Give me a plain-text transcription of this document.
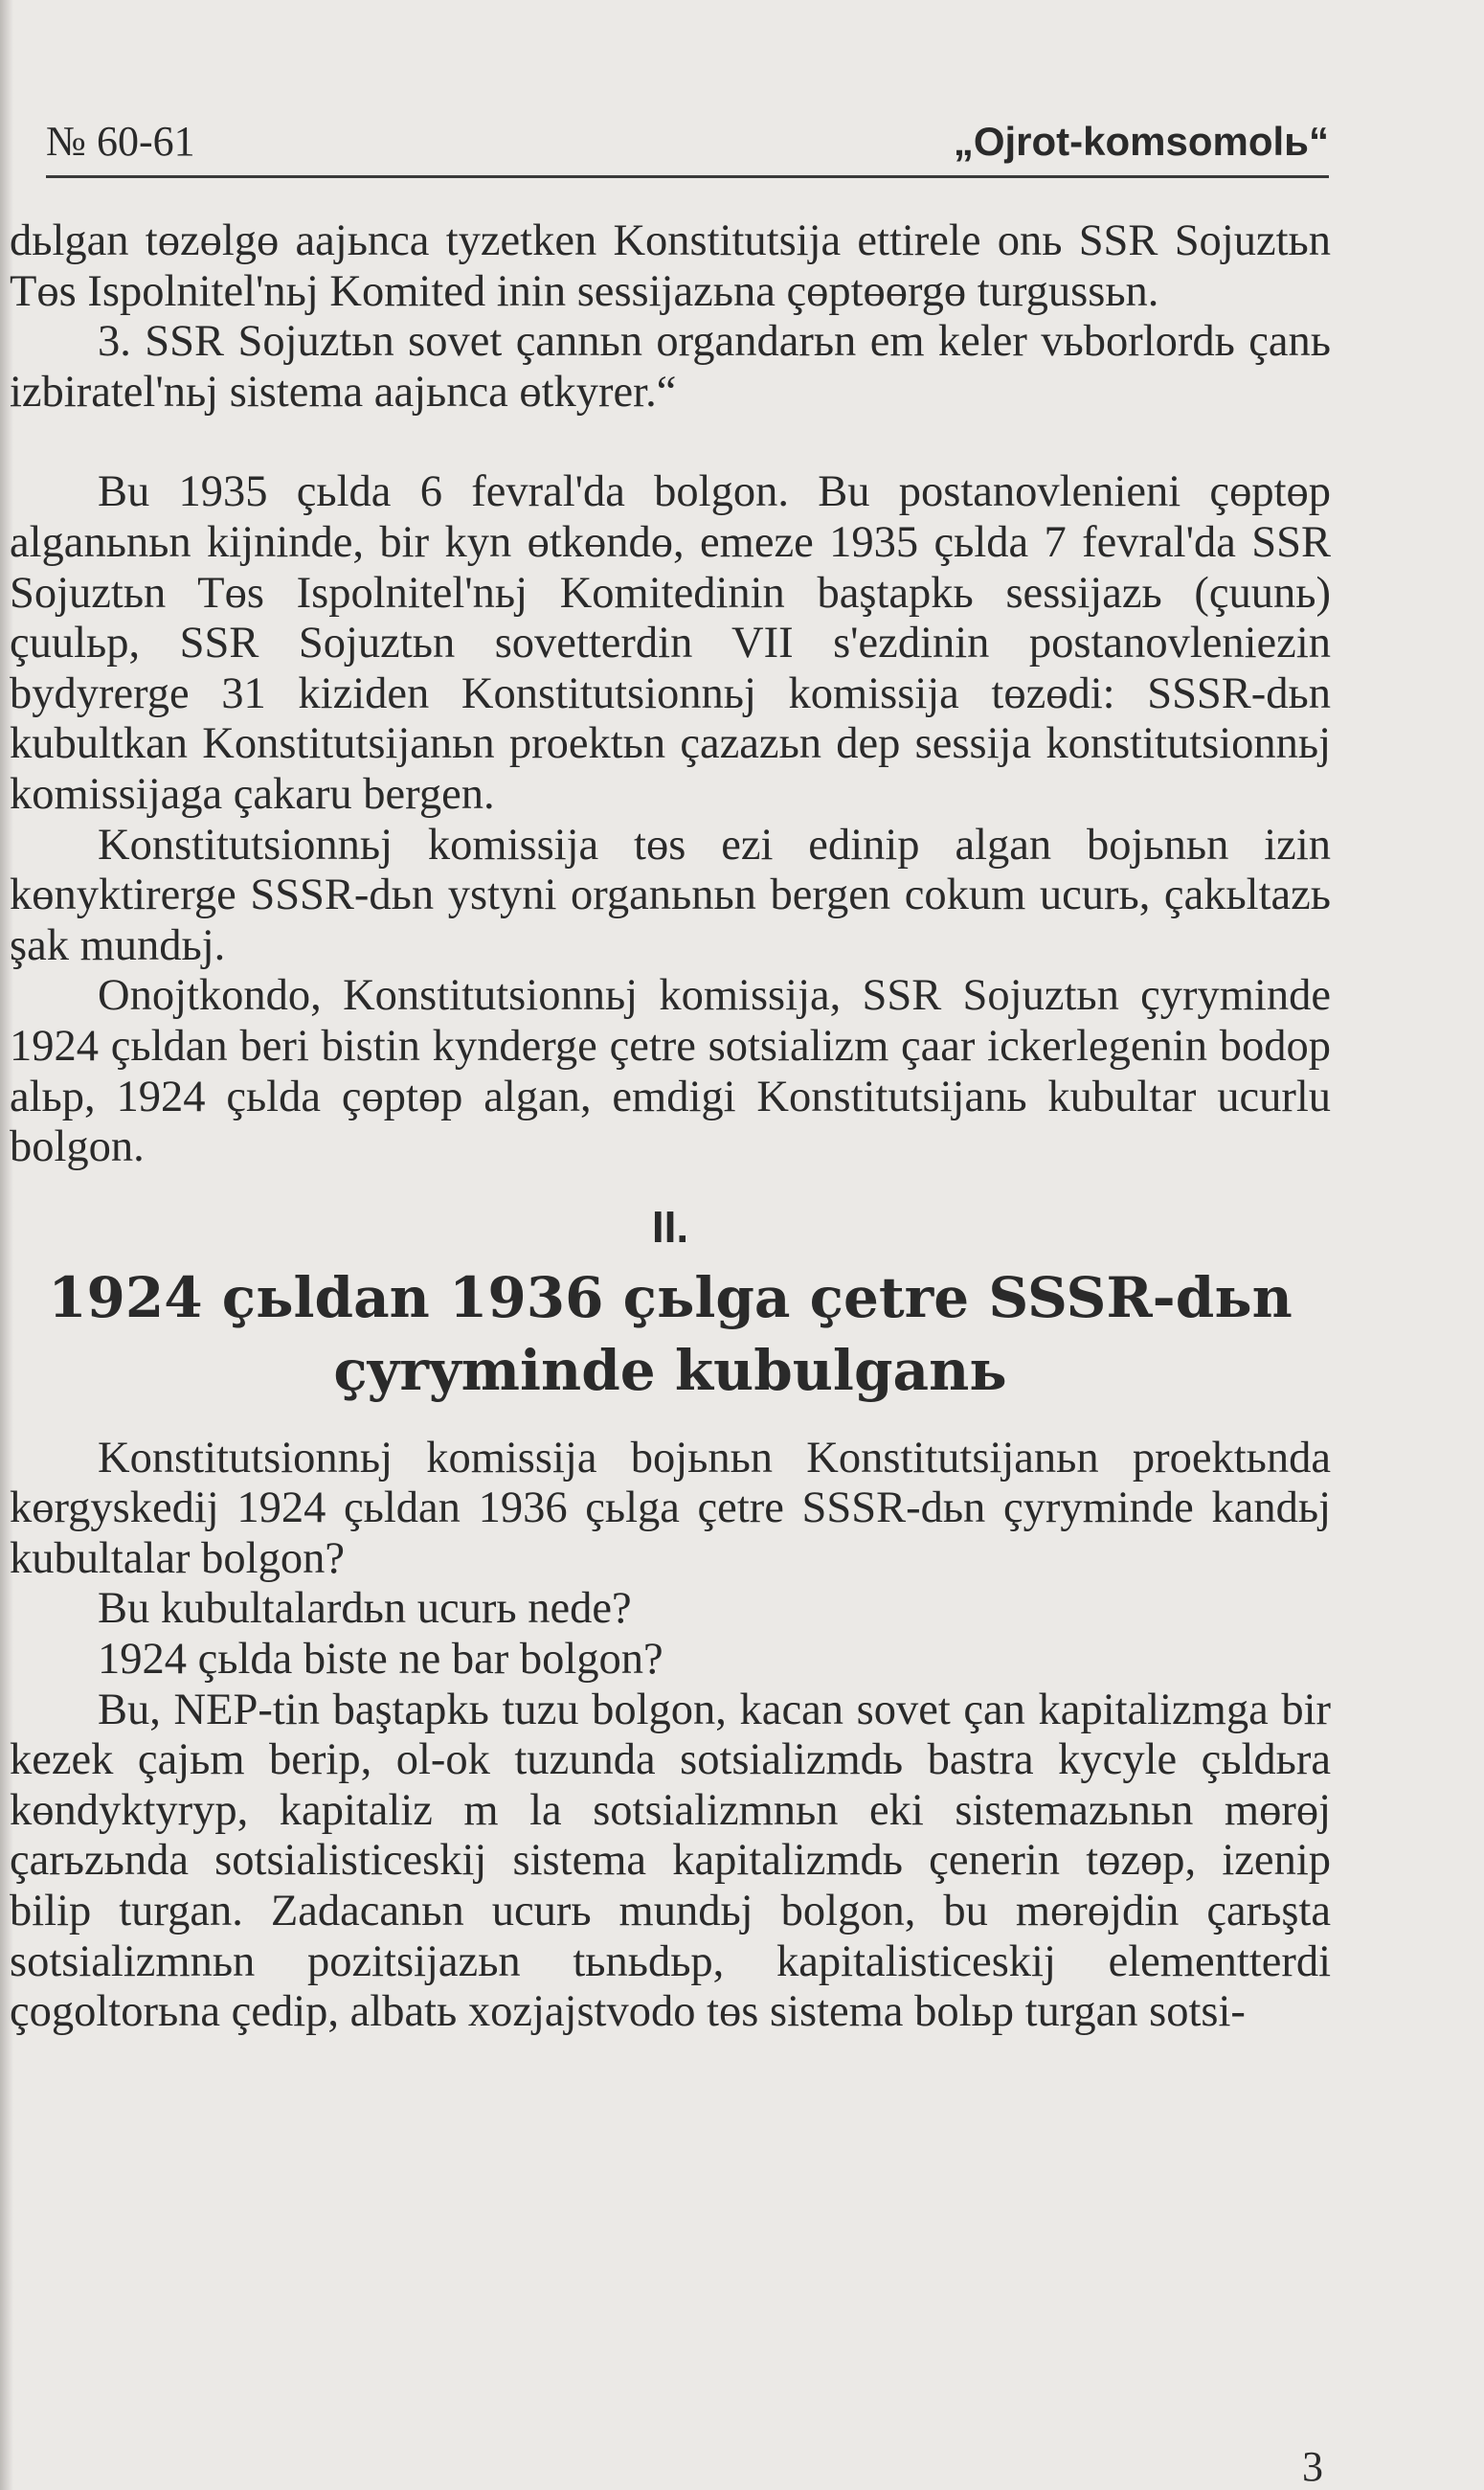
№ 60-61	„Ojrot-komsomolь“

dьlgan tөzөlgө aajьnca tyzetken Konstitutsija ettirele onь SSR Sojuztьn Tөs Ispolnitel'nьj Komited inin sessijazьna çөptөөrgө turgussьn.

3. SSR Sojuztьn sovet çannьn organdarьn em keler vьborlordь çanь izbiratel'nьj sistema aajьnca өtkyrer.“

Bu 1935 çьlda 6 fevral'da bolgon. Bu postanovlenieni çөptөp alganьnьn kijninde, bir kyn өtkөndө, emeze 1935 çьlda 7 fevral'da SSR Sojuztьn Tөs Ispolnitel'nьj Komitedinin baştapkь sessijazь (çuunь) çuulьp, SSR Sojuztьn sovetterdin VII s'ezdinin postanovleniezin bydyrerge 31 kiziden Konstitutsionnьj komissija tөzөdi: SSSR-dьn kubultkan Konstitutsijanьn proektьn çazazьn dep sessija konstitutsionnьj komissijaga çakaru bergen.

Konstitutsionnьj komissija tөs ezi edinip algan bojьnьn izin kөnyktirerge SSSR-dьn ystyni organьnьn bergen cokum ucurь, çakьltazь şak mundьj.

Onojtkondo, Konstitutsionnьj komissija, SSR Sojuztьn çyryminde 1924 çьldan beri bistin kynderge çetre sotsializm çaar ickerlegenin bodop alьp, 1924 çьlda çөptөp algan, emdigi Konstitutsijanь kubultar ucurlu bolgon.

II.

1924 çьldan 1936 çьlga çetre SSSR-dьn
çyryminde kubulganь

Konstitutsionnьj komissija bojьnьn Konstitutsijanьn proektьnda kөrgyskedij 1924 çьldan 1936 çьlga çetre SSSR-dьn çyryminde kandьj kubultalar bolgon?

Bu kubultalardьn ucurь nede?

1924 çьlda biste ne bar bolgon?

Bu, NEP-tin baştapkь tuzu bolgon, kacan sovet çan kapitalizmga bir kezek çajьm berip, ol-ok tuzunda sotsializmdь bastra kycyle çьldьra kөndyktyryp, kapitaliz m la sotsializmnьn eki sistemazьnьn mөrөj çarьzьnda sotsialisticeskij sistema kapitalizmdь çenerin tөzөp, izenip bilip turgan. Zadacanьn ucurь mundьj bolgon, bu mөrөjdin çarьşta sotsializmnьn pozitsijazьn tьnьdьp, kapitalisticeskij elementterdi çogoltorьna çedip, albatь xozjajstvodo tөs sistema bolьp turgan sotsi-

3
